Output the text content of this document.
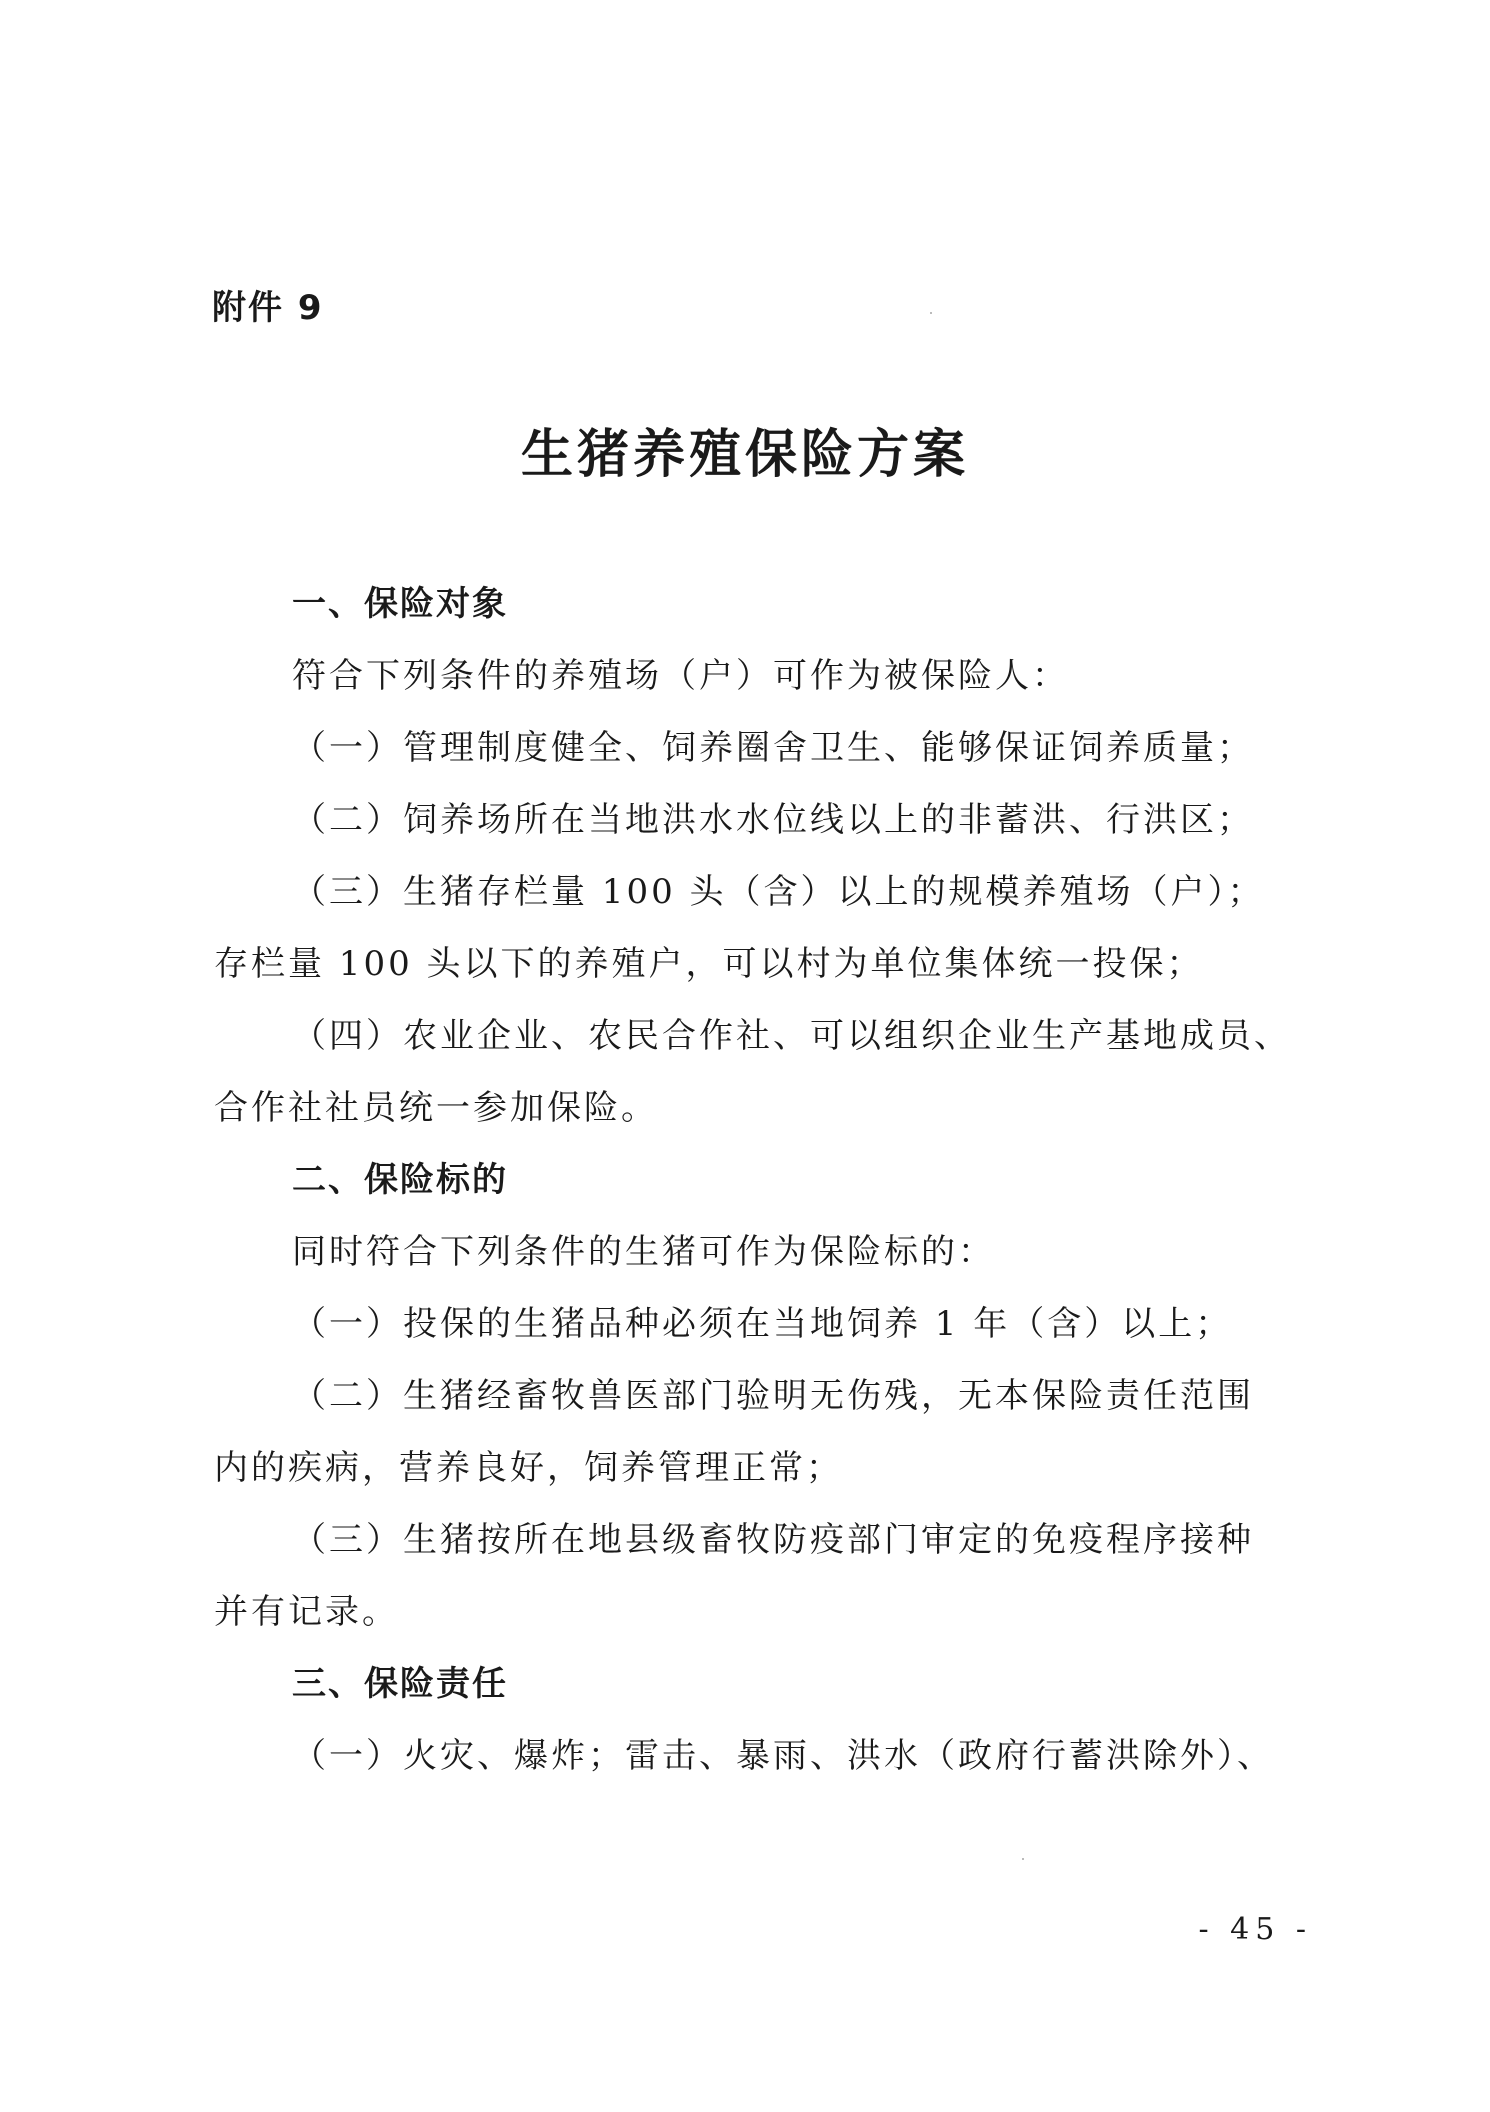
附件 9
生猪养殖保险方案
一、保险对象
符合下列条件的养殖场（户）可作为被保险人：
（一）管理制度健全、饲养圈舍卫生、能够保证饲养质量；
（二）饲养场所在当地洪水水位线以上的非蓄洪、行洪区；
（三）生猪存栏量 100 头（含）以上的规模养殖场（户）；
存栏量 100 头以下的养殖户，可以村为单位集体统一投保；
（四）农业企业、农民合作社、可以组织企业生产基地成员、
合作社社员统一参加保险。
二、保险标的
同时符合下列条件的生猪可作为保险标的：
（一）投保的生猪品种必须在当地饲养 1 年（含）以上；
（二）生猪经畜牧兽医部门验明无伤残，无本保险责任范围
内的疾病，营养良好，饲养管理正常；
（三）生猪按所在地县级畜牧防疫部门审定的免疫程序接种
并有记录。
三、保险责任
（一）火灾、爆炸；雷击、暴雨、洪水（政府行蓄洪除外）、
- 45 -
